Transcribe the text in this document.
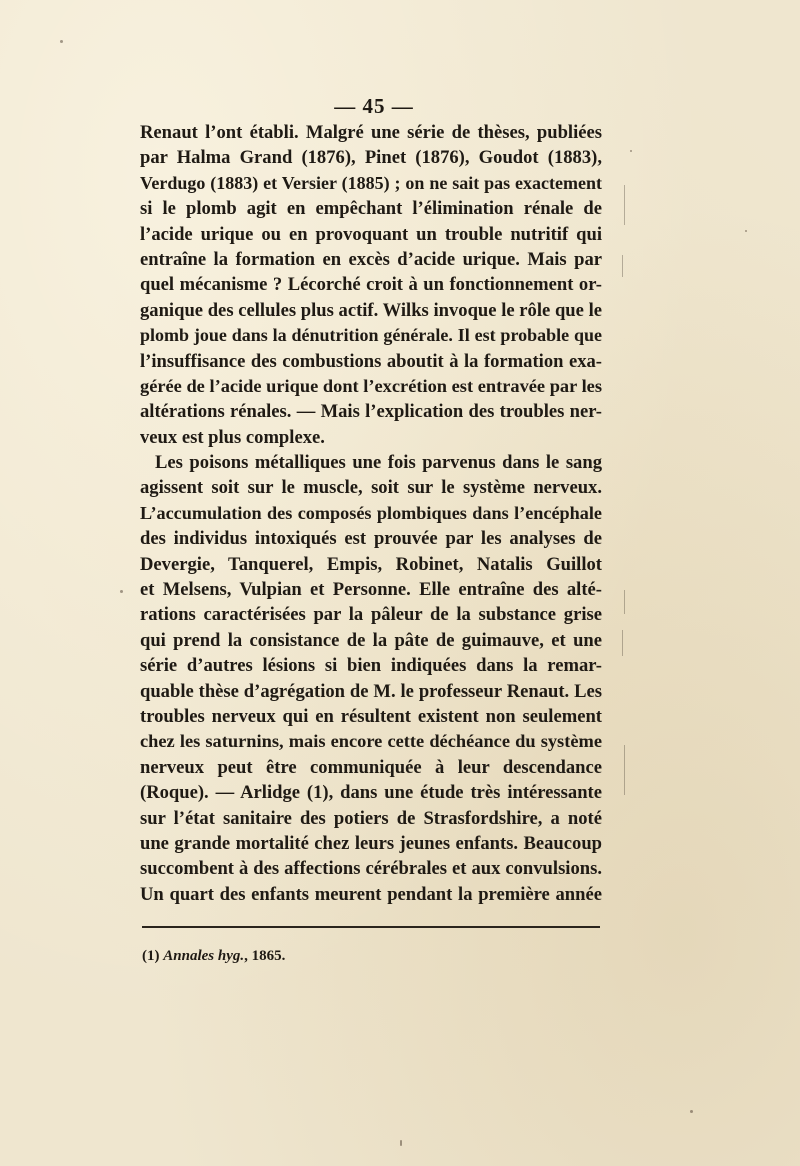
— 45 —
Renaut l’ont établi. Malgré une série de thèses, publiées
par Halma Grand (1876), Pinet (1876), Goudot (1883),
Verdugo (1883) et Versier (1885) ; on ne sait pas exactement
si le plomb agit en empêchant l’élimination rénale de
l’acide urique ou en provoquant un trouble nutritif qui
entraîne la formation en excès d’acide urique. Mais par
quel mécanisme ? Lécorché croit à un fonctionnement or-
ganique des cellules plus actif. Wilks invoque le rôle que le
plomb joue dans la dénutrition générale. Il est probable que
l’insuffisance des combustions aboutit à la formation exa-
gérée de l’acide urique dont l’excrétion est entravée par les
altérations rénales. — Mais l’explication des troubles ner-
veux est plus complexe.
Les poisons métalliques une fois parvenus dans le sang
agissent soit sur le muscle, soit sur le système nerveux.
L’accumulation des composés plombiques dans l’encéphale
des individus intoxiqués est prouvée par les analyses de
Devergie, Tanquerel, Empis, Robinet, Natalis Guillot
et Melsens, Vulpian et Personne. Elle entraîne des alté-
rations caractérisées par la pâleur de la substance grise
qui prend la consistance de la pâte de guimauve, et une
série d’autres lésions si bien indiquées dans la remar-
quable thèse d’agrégation de M. le professeur Renaut. Les
troubles nerveux qui en résultent existent non seulement
chez les saturnins, mais encore cette déchéance du système
nerveux peut être communiquée à leur descendance
(Roque). — Arlidge (1), dans une étude très intéressante
sur l’état sanitaire des potiers de Strasfordshire, a noté
une grande mortalité chez leurs jeunes enfants. Beaucoup
succombent à des affections cérébrales et aux convulsions.
Un quart des enfants meurent pendant la première année
(1) Annales hyg., 1865.
